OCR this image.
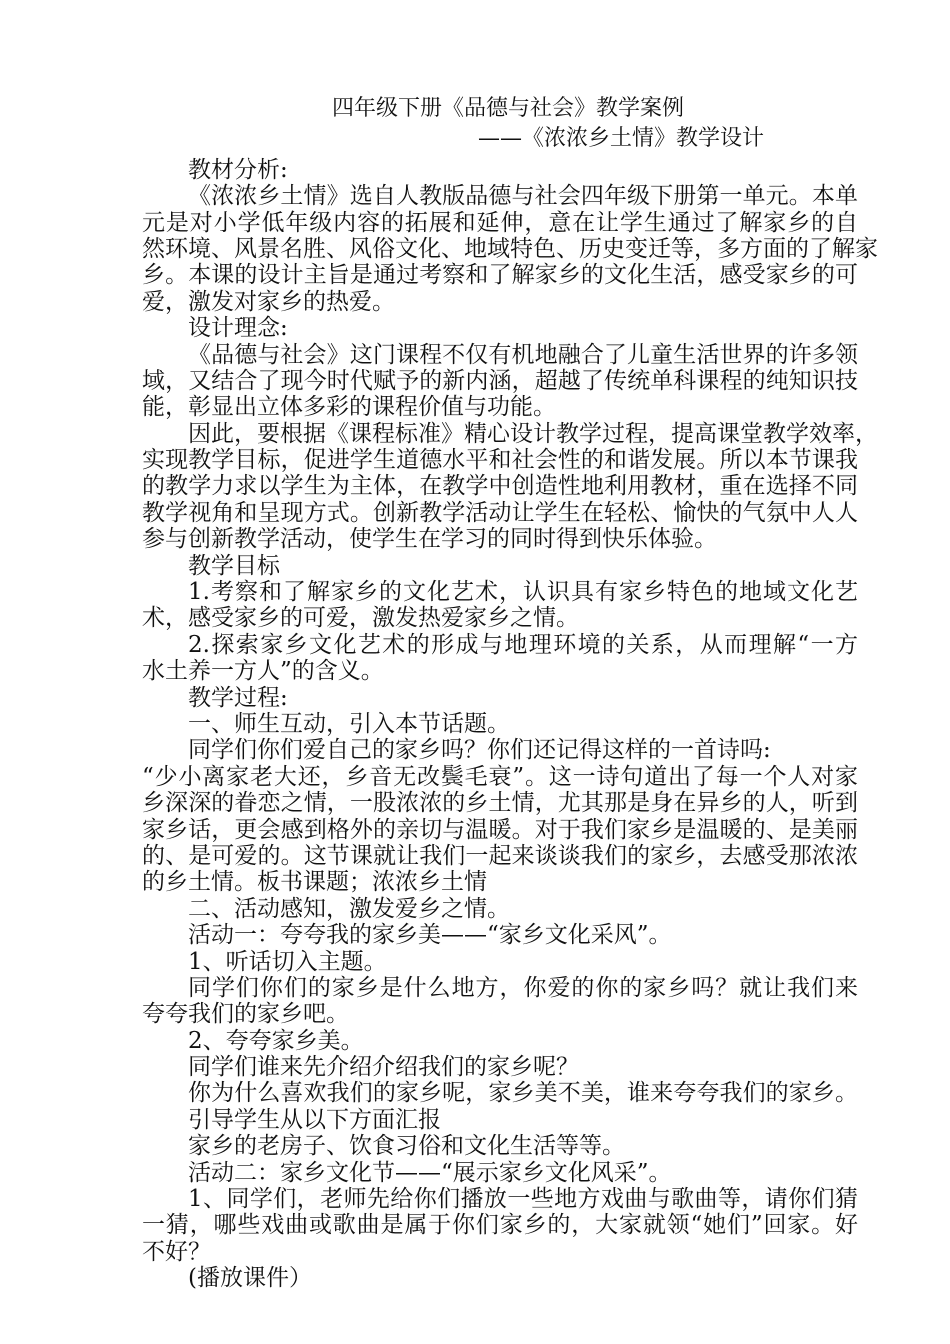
四年级下册《品德与社会》教学案例
——《浓浓乡土情》教学设计
教材分析:
《浓浓乡土情》选自人教版品德与社会四年级下册第一单元。本单
元是对小学低年级内容的拓展和延伸，意在让学生通过了解家乡的自
然环境、风景名胜、风俗文化、地域特色、历史变迁等，多方面的了解家
乡。本课的设计主旨是通过考察和了解家乡的文化生活，感受家乡的可
爱，激发对家乡的热爱。
设计理念:
《品德与社会》这门课程不仅有机地融合了儿童生活世界的许多领
域，又结合了现今时代赋予的新内涵，超越了传统单科课程的纯知识技
能，彰显出立体多彩的课程价值与功能。
因此，要根据《课程标准》精心设计教学过程，提高课堂教学效率，
实现教学目标，促进学生道德水平和社会性的和谐发展。所以本节课我
的教学力求以学生为主体，在教学中创造性地利用教材，重在选择不同
教学视角和呈现方式。创新教学活动让学生在轻松、愉快的气氛中人人
参与创新教学活动，使学生在学习的同时得到快乐体验。
教学目标
1.考察和了解家乡的文化艺术，认识具有家乡特色的地域文化艺
术，感受家乡的可爱，激发热爱家乡之情。
2.探索家乡文化艺术的形成与地理环境的关系，从而理解“一方
水土养一方人”的含义。
教学过程:
一、师生互动，引入本节话题。
同学们你们爱自己的家乡吗？你们还记得这样的一首诗吗:
“少小离家老大还，乡音无改鬓毛衰”。这一诗句道出了每一个人对家
乡深深的眷恋之情，一股浓浓的乡土情，尤其那是身在异乡的人，听到
家乡话，更会感到格外的亲切与温暖。对于我们家乡是温暖的、是美丽
的、是可爱的。这节课就让我们一起来谈谈我们的家乡，去感受那浓浓
的乡土情。板书课题；浓浓乡土情
二、活动感知，激发爱乡之情。
活动一：夸夸我的家乡美——“家乡文化采风”。
1、听话切入主题。
同学们你们的家乡是什么地方，你爱的你的家乡吗？就让我们来
夸夸我们的家乡吧。
2、夸夸家乡美。
同学们谁来先介绍介绍我们的家乡呢？
你为什么喜欢我们的家乡呢，家乡美不美，谁来夸夸我们的家乡。
引导学生从以下方面汇报
家乡的老房子、饮食习俗和文化生活等等。
活动二：家乡文化节——“展示家乡文化风采”。
1、同学们，老师先给你们播放一些地方戏曲与歌曲等，请你们猜
一猜，哪些戏曲或歌曲是属于你们家乡的，大家就领“她们”回家。好
不好？
(播放课件）
